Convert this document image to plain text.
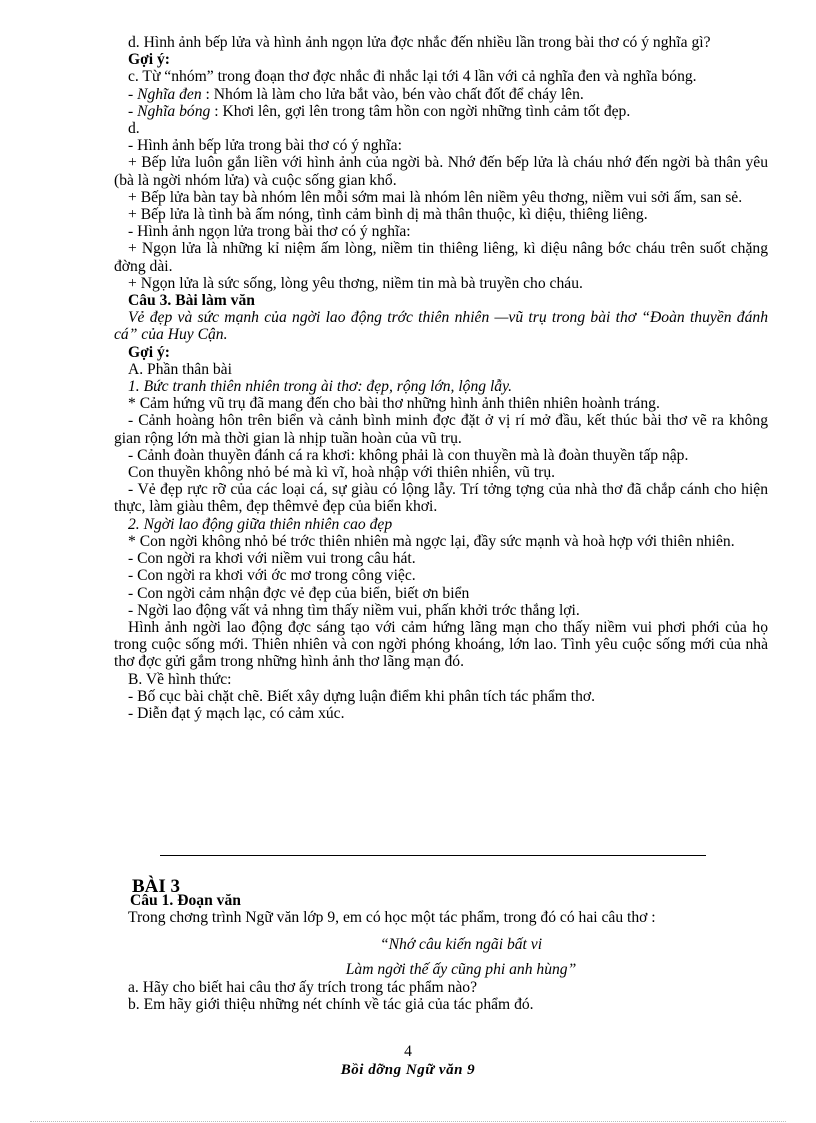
d. Hình ảnh bếp lửa và hình ảnh ngọn lửa đợc nhắc đến nhiều lần trong bài thơ có ý nghĩa gì?

Gợi ý:

c. Từ “nhóm” trong đoạn thơ đợc nhắc đi nhắc lại tới 4 lần với cả nghĩa đen và nghĩa bóng.

- Nghĩa đen : Nhóm là làm cho lửa bắt vào, bén vào chất đốt để cháy lên.

- Nghĩa bóng : Khơi lên, gợi lên trong tâm hồn con ngời những tình cảm tốt đẹp.

d.

- Hình ảnh bếp lửa trong bài thơ có ý nghĩa:

+ Bếp lửa luôn gắn liền với hình ảnh của ngời bà. Nhớ đến bếp lửa là cháu nhớ đến ngời bà thân yêu (bà là ngời nhóm lửa) và cuộc sống gian khổ.

+ Bếp lửa bàn tay bà nhóm lên mỗi sớm mai là nhóm lên niềm yêu thơng, niềm vui sởi ấm, san sẻ.

+ Bếp lửa là tình bà ấm nóng, tình cảm bình dị mà thân thuộc, kì diệu, thiêng liêng.

- Hình ảnh ngọn lửa trong bài thơ có ý nghĩa:

+ Ngọn lửa là những kỉ niệm ấm lòng, niềm tin thiêng liêng, kì diệu nâng bớc cháu trên suốt chặng đờng dài.

+ Ngọn lửa là sức sống, lòng yêu thơng, niềm tin mà bà truyền cho cháu.

Câu 3. Bài làm văn

Vẻ đẹp và sức mạnh của ngời lao động trớc thiên nhiên —vũ trụ trong bài thơ “Đoàn thuyền đánh cá” của Huy Cận.

Gợi ý:

A. Phần thân bài

1. Bức tranh thiên nhiên trong ài thơ: đẹp, rộng lớn, lộng lẫy.

* Cảm hứng vũ trụ đã mang đến cho bài thơ những hình ảnh thiên nhiên hoành tráng.

- Cảnh hoàng hôn trên biển và cảnh bình minh đợc đặt ở vị rí mở đầu, kết thúc bài thơ vẽ ra không gian rộng lớn mà thời gian là nhịp tuần hoàn của vũ trụ.

- Cảnh đoàn thuyền đánh cá ra khơi: không phải là con thuyền mà là đoàn thuyền tấp nập.

Con thuyền không nhỏ bé mà kì vĩ, hoà nhập với thiên nhiên, vũ trụ.

- Vẻ đẹp rực rỡ của các loại cá, sự giàu có lộng lẫy. Trí tởng tợng của nhà thơ đã chắp cánh cho hiện thực, làm giàu thêm, đẹp thêmvẻ đẹp của biển khơi.

2. Ngời lao động giữa thiên nhiên cao đẹp

* Con ngời không nhỏ bé trớc thiên nhiên mà ngợc lại, đầy sức mạnh và hoà hợp với thiên nhiên.

- Con ngời ra khơi với niềm vui trong câu hát.

- Con ngời ra khơi với ớc mơ trong công việc.

- Con ngời cảm nhận đợc vẻ đẹp của biển, biết ơn biển

- Ngời lao động vất vả nhng tìm thấy niềm vui, phấn khởi trớc thắng lợi.

Hình ảnh ngời lao động đợc sáng tạo với cảm hứng lãng mạn cho thấy niềm vui phơi phới của họ trong cuộc sống mới. Thiên nhiên và con ngời phóng khoáng, lớn lao. Tình yêu cuộc sống mới của nhà thơ đợc gửi gắm trong những hình ảnh thơ lãng mạn đó.

B. Về hình thức:

- Bố cục bài chặt chẽ. Biết xây dựng luận điểm khi phân tích tác phẩm thơ.

- Diễn đạt ý mạch lạc, có cảm xúc.

BÀI 3
Câu 1. Đoạn văn

Trong chơng trình Ngữ văn lớp 9, em có học một tác phẩm, trong đó có hai câu thơ :

“Nhớ câu kiến ngãi bất vi

Làm ngời thế ấy cũng phi anh hùng”

a. Hãy cho biết hai câu thơ ấy trích trong tác phẩm nào?

b. Em hãy giới thiệu những nét chính về tác giả của tác phẩm đó.

4
Bồi dỡng Ngữ văn 9
